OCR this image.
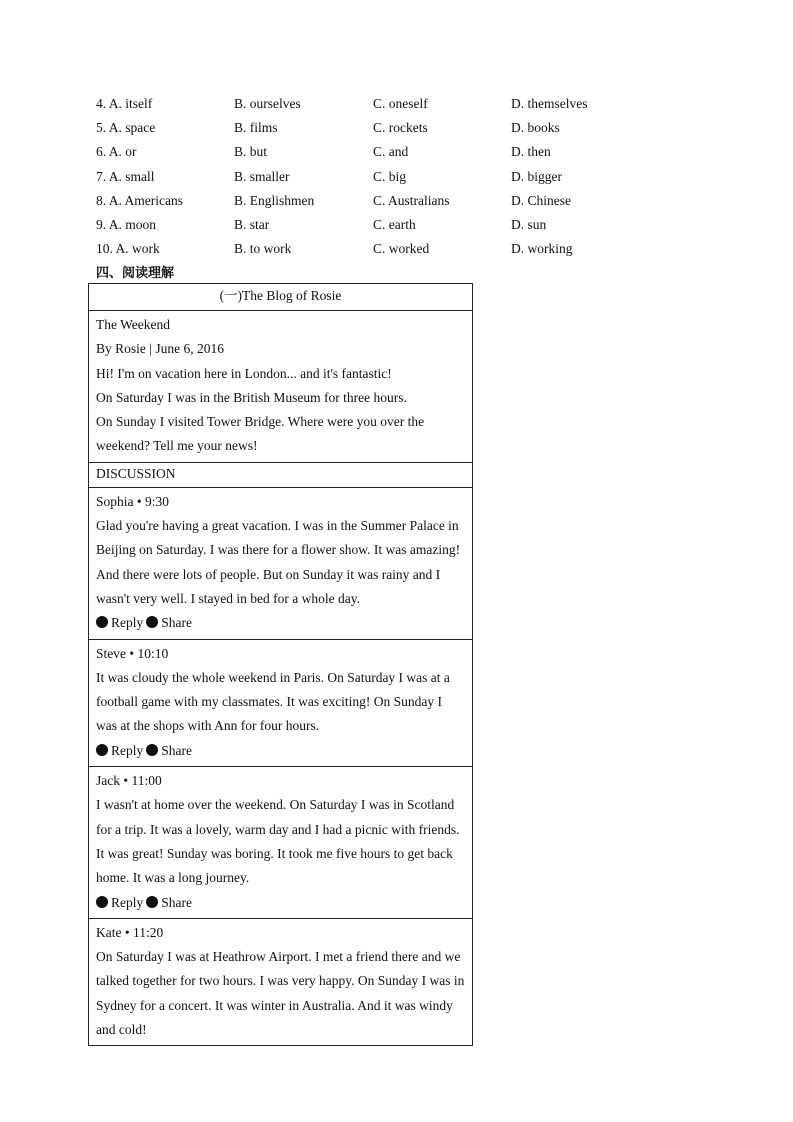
4. A. itself	B. ourselves	C. oneself	D. themselves
5. A. space	B. films	C. rockets	D. books
6. A. or	B. but	C. and	D. then
7. A. small	B. smaller	C. big	D. bigger
8. A. Americans	B. Englishmen	C. Australians	D. Chinese
9. A. moon	B. star	C. earth	D. sun
10. A. work	B. to work	C. worked	D. working
四、阅读理解
(一)The Blog of Rosie

The Weekend
By Rosie | June 6, 2016
Hi! I'm on vacation here in London... and it's fantastic!
On Saturday I was in the British Museum for three hours.
On Sunday I visited Tower Bridge. Where were you over the weekend? Tell me your news!

DISCUSSION

Sophia • 9:30
Glad you're having a great vacation. I was in the Summer Palace in Beijing on Saturday. I was there for a flower show. It was amazing! And there were lots of people. But on Sunday it was rainy and I wasn't very well. I stayed in bed for a whole day.
Reply Share

Steve • 10:10
It was cloudy the whole weekend in Paris. On Saturday I was at a football game with my classmates. It was exciting! On Sunday I was at the shops with Ann for four hours.
Reply Share

Jack • 11:00
I wasn't at home over the weekend. On Saturday I was in Scotland for a trip. It was a lovely, warm day and I had a picnic with friends. It was great! Sunday was boring. It took me five hours to get back home. It was a long journey.
Reply Share

Kate • 11:20
On Saturday I was at Heathrow Airport. I met a friend there and we talked together for two hours. I was very happy. On Sunday I was in Sydney for a concert. It was winter in Australia. And it was windy and cold!
